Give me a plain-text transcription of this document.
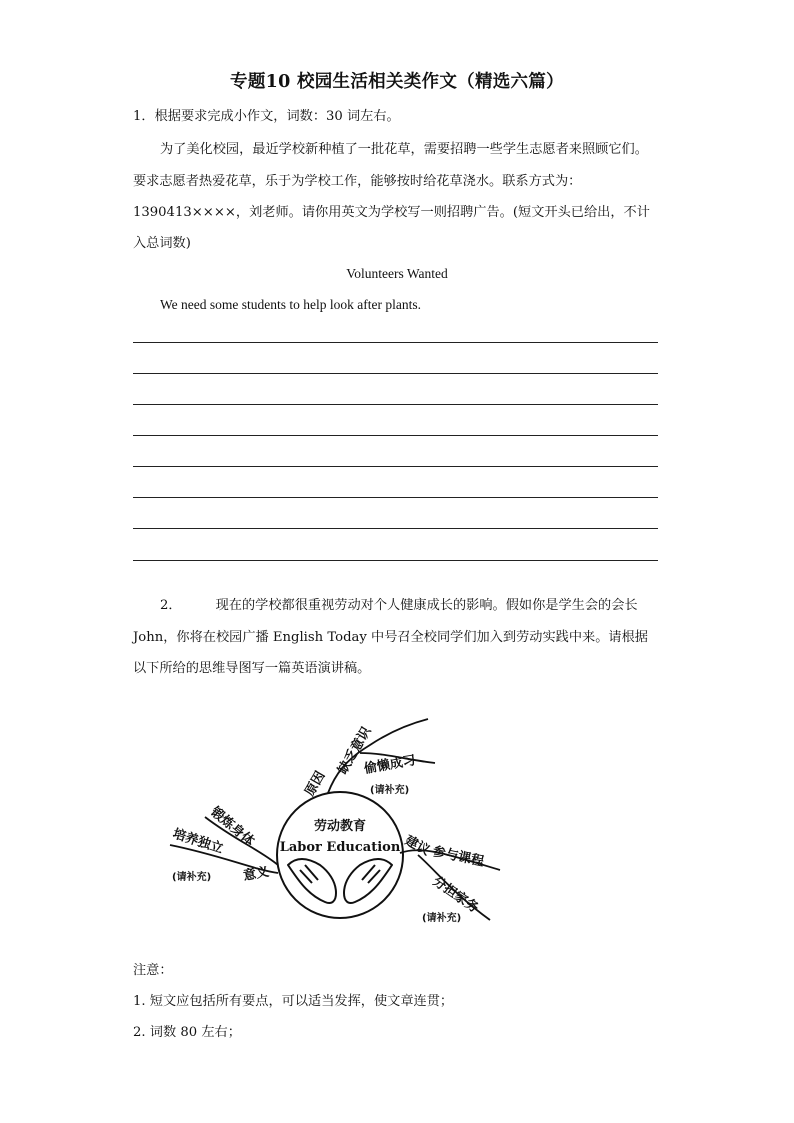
专题10 校园生活相关类作文（精选六篇）
1．根据要求完成小作文，词数：30 词左右。
为了美化校园，最近学校新种植了一批花草，需要招聘一些学生志愿者来照顾它们。
要求志愿者热爱花草，乐于为学校工作，能够按时给花草浇水。联系方式为：
1390413××××，刘老师。请你用英文为学校写一则招聘广告。(短文开头已给出，不计
入总词数)
Volunteers Wanted
We need some students to help look after plants.
2．	现在的学校都很重视劳动对个人健康成长的影响。假如你是学生会的会长
John，你将在校园广播 English Today 中号召全校同学们加入到劳动实践中来。请根据
以下所给的思维导图写一篇英语演讲稿。
劳动教育
Labor Education
原因
缺乏意识
偷懒成习
(请补充)
锻炼身体
培养独立
意义
(请补充)
建议 参与课程
分担家务
(请补充)
注意：
1. 短文应包括所有要点，可以适当发挥，使文章连贯；
2. 词数 80 左右；
